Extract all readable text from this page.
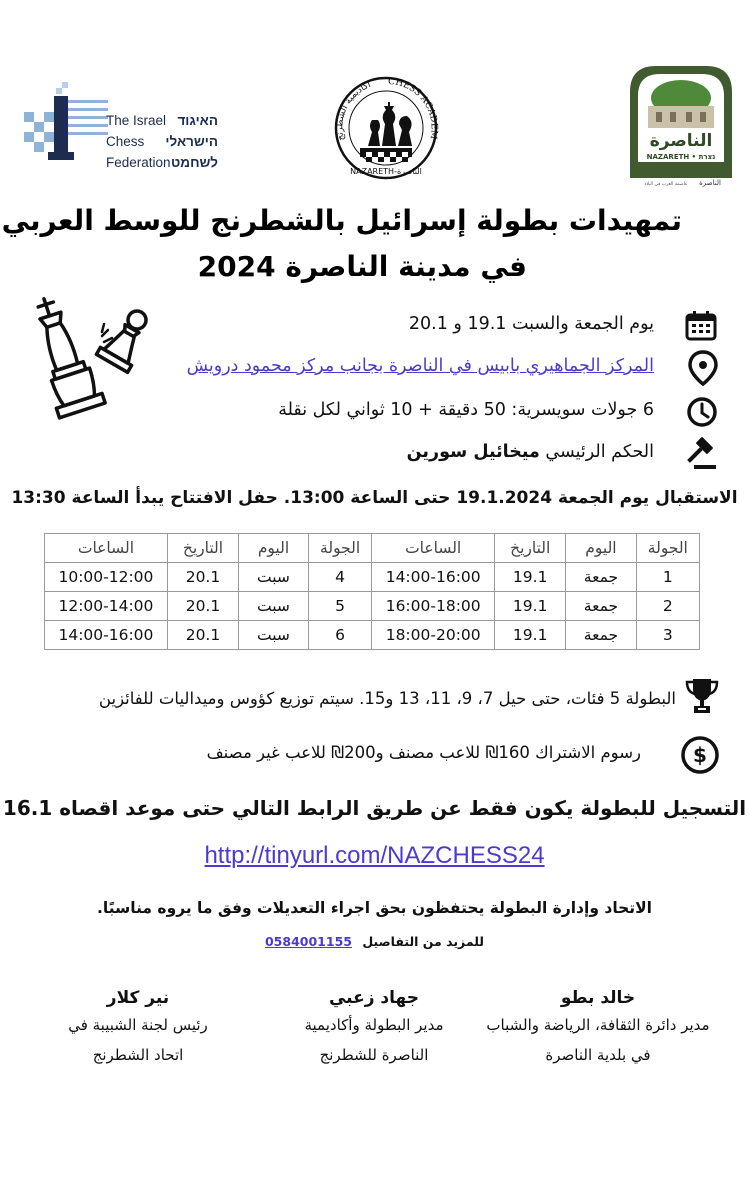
The Israel
Chess
Federation
האיגוד
הישראלי
לשחמט
اكاديمية الشطرنج	CHESS ACADEM
NAZARETH-الناصرة
الناصرة
NAZARETH • נצרת
الناصرة
عاصمة العرب في البلاد
تمهيدات بطولة إسرائيل بالشطرنج للوسط العربي
في مدينة الناصرة 2024
يوم الجمعة والسبت 19.1 و 20.1
المركز الجماهيري بابيس في الناصرة بجانب مركز محمود درويش
6 جولات سويسرية: 50 دقيقة + 10 ثواني لكل نقلة
الحكم الرئيسي ميخائيل سورين
الاستقبال يوم الجمعة 19.1.2024 حتى الساعة 13:00. حفل الافتتاح يبدأ الساعة 13:30
الجولة	اليوم	التاريخ	الساعات	الجولة	اليوم	التاريخ	الساعات
1	جمعة	19.1	14:00-16:00	4	سبت	20.1	10:00-12:00
2	جمعة	19.1	16:00-18:00	5	سبت	20.1	12:00-14:00
3	جمعة	19.1	18:00-20:00	6	سبت	20.1	14:00-16:00
البطولة 5 فئات، حتى حيل 7، 9، 11، 13 و15. سيتم توزيع كؤوس وميداليات للفائزين
$
رسوم الاشتراك 160₪ للاعب مصنف و200₪ للاعب غير مصنف
التسجيل للبطولة يكون فقط عن طريق الرابط التالي حتى موعد اقصاه 16.1
http://tinyurl.com/NAZCHESS24
الاتحاد وإدارة البطولة يحتفظون بحق اجراء التعديلات وفق ما يروه مناسبًا.
للمزيد من التفاصيل 0584001155
خالد بطو
مدير دائرة الثقافة، الرياضة والشباب
في بلدية الناصرة
جهاد زعبي
مدير البطولة وأكاديمية
الناصرة للشطرنج
نير كلار
رئيس لجنة الشبيبة في
اتحاد الشطرنج
